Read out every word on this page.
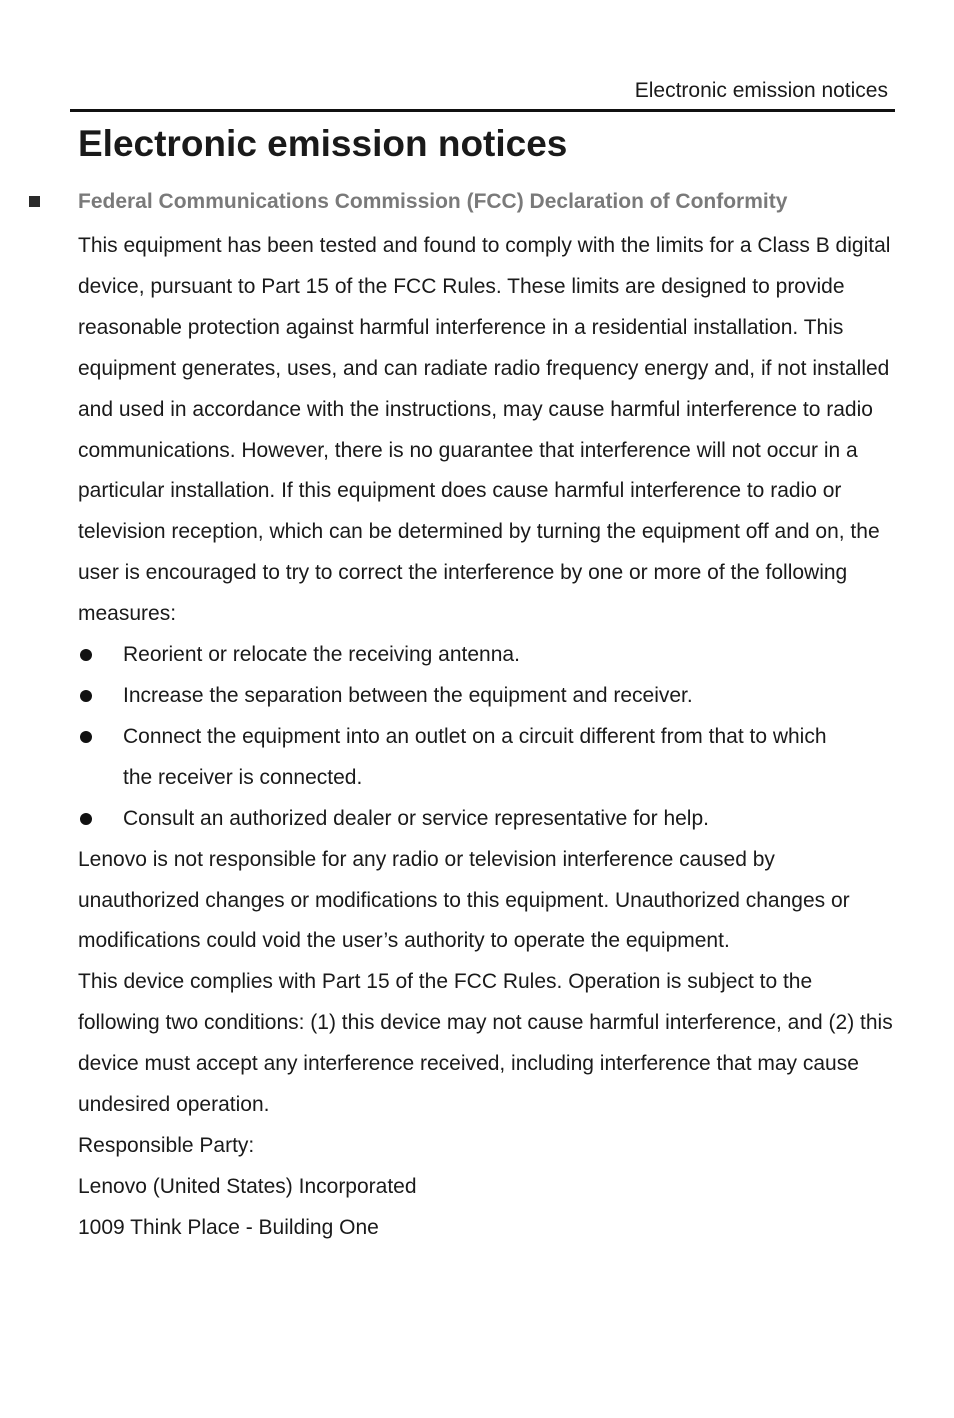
Electronic emission notices
Electronic emission notices
Federal Communications Commission (FCC) Declaration of Conformity

This equipment has been tested and found to comply with the limits for a Class B digital device, pursuant to Part 15 of the FCC Rules. These limits are designed to provide reasonable protection against harmful interference in a residential installation. This equipment generates, uses, and can radiate radio frequency energy and, if not installed and used in accordance with the instructions, may cause harmful interference to radio communications. However, there is no guarantee that interference will not occur in a particular installation. If this equipment does cause harmful interference to radio or television reception, which can be determined by turning the equipment off and on, the user is encouraged to try to correct the interference by one or more of the following measures:

Reorient or relocate the receiving antenna.
Increase the separation between the equipment and receiver.
Connect the equipment into an outlet on a circuit different from that to which the receiver is connected.
Consult an authorized dealer or service representative for help.

Lenovo is not responsible for any radio or television interference caused by unauthorized changes or modifications to this equipment. Unauthorized changes or modifications could void the user’s authority to operate the equipment.

This device complies with Part 15 of the FCC Rules. Operation is subject to the following two conditions: (1) this device may not cause harmful interference, and (2) this device must accept any interference received, including interference that may cause undesired operation.

Responsible Party:

Lenovo (United States) Incorporated

1009 Think Place - Building One
